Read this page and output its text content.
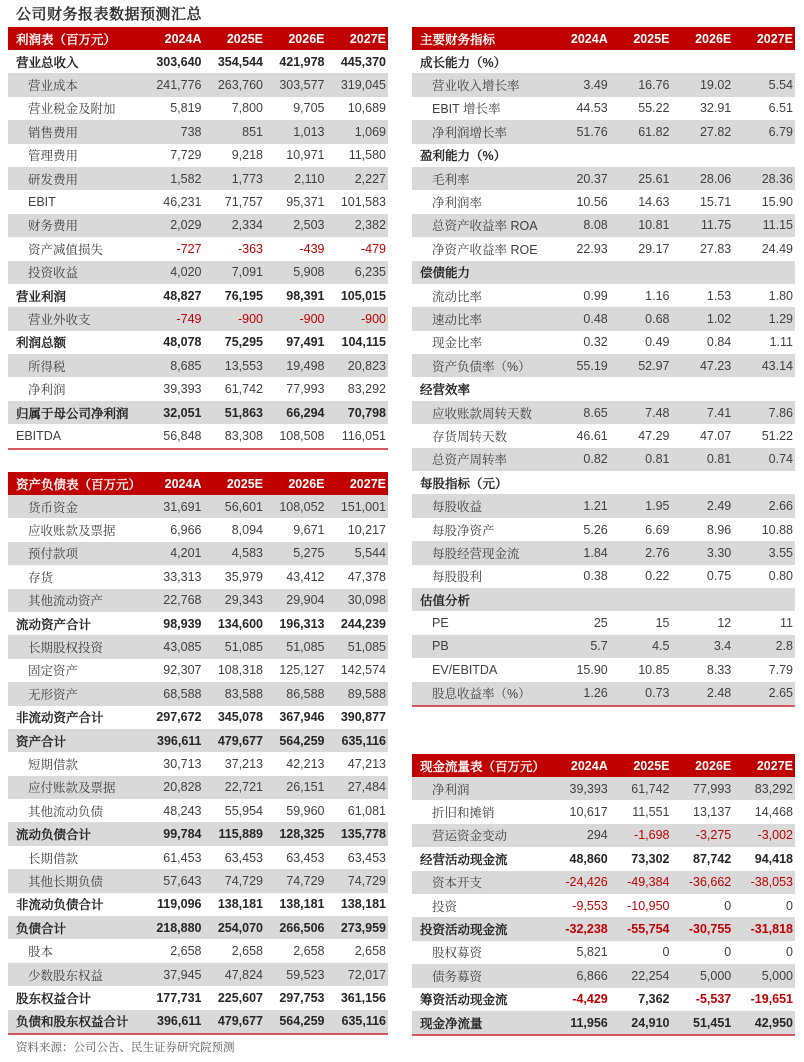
公司财务报表数据预测汇总
利润表（百万元）	2024A	2025E	2026E	2027E
营业总收入	303,640	354,544	421,978	445,370
营业成本	241,776	263,760	303,577	319,045
营业税金及附加	5,819	7,800	9,705	10,689
销售费用	738	851	1,013	1,069
管理费用	7,729	9,218	10,971	11,580
研发费用	1,582	1,773	2,110	2,227
EBIT	46,231	71,757	95,371	101,583
财务费用	2,029	2,334	2,503	2,382
资产减值损失	-727	-363	-439	-479
投资收益	4,020	7,091	5,908	6,235
营业利润	48,827	76,195	98,391	105,015
营业外收支	-749	-900	-900	-900
利润总额	48,078	75,295	97,491	104,115
所得税	8,685	13,553	19,498	20,823
净利润	39,393	61,742	77,993	83,292
归属于母公司净利润	32,051	51,863	66,294	70,798
EBITDA	56,848	83,308	108,508	116,051
资产负债表（百万元）	2024A	2025E	2026E	2027E
货币资金	31,691	56,601	108,052	151,001
应收账款及票据	6,966	8,094	9,671	10,217
预付款项	4,201	4,583	5,275	5,544
存货	33,313	35,979	43,412	47,378
其他流动资产	22,768	29,343	29,904	30,098
流动资产合计	98,939	134,600	196,313	244,239
长期股权投资	43,085	51,085	51,085	51,085
固定资产	92,307	108,318	125,127	142,574
无形资产	68,588	83,588	86,588	89,588
非流动资产合计	297,672	345,078	367,946	390,877
资产合计	396,611	479,677	564,259	635,116
短期借款	30,713	37,213	42,213	47,213
应付账款及票据	20,828	22,721	26,151	27,484
其他流动负债	48,243	55,954	59,960	61,081
流动负债合计	99,784	115,889	128,325	135,778
长期借款	61,453	63,453	63,453	63,453
其他长期负债	57,643	74,729	74,729	74,729
非流动负债合计	119,096	138,181	138,181	138,181
负债合计	218,880	254,070	266,506	273,959
股本	2,658	2,658	2,658	2,658
少数股东权益	37,945	47,824	59,523	72,017
股东权益合计	177,731	225,607	297,753	361,156
负债和股东权益合计	396,611	479,677	564,259	635,116
主要财务指标	2024A	2025E	2026E	2027E
成长能力（%）
营业收入增长率	3.49	16.76	19.02	5.54
EBIT 增长率	44.53	55.22	32.91	6.51
净利润增长率	51.76	61.82	27.82	6.79
盈利能力（%）
毛利率	20.37	25.61	28.06	28.36
净利润率	10.56	14.63	15.71	15.90
总资产收益率 ROA	8.08	10.81	11.75	11.15
净资产收益率 ROE	22.93	29.17	27.83	24.49
偿债能力
流动比率	0.99	1.16	1.53	1.80
速动比率	0.48	0.68	1.02	1.29
现金比率	0.32	0.49	0.84	1.11
资产负债率（%）	55.19	52.97	47.23	43.14
经营效率
应收账款周转天数	8.65	7.48	7.41	7.86
存货周转天数	46.61	47.29	47.07	51.22
总资产周转率	0.82	0.81	0.81	0.74
每股指标（元）
每股收益	1.21	1.95	2.49	2.66
每股净资产	5.26	6.69	8.96	10.88
每股经营现金流	1.84	2.76	3.30	3.55
每股股利	0.38	0.22	0.75	0.80
估值分析
PE	25	15	12	11
PB	5.7	4.5	3.4	2.8
EV/EBITDA	15.90	10.85	8.33	7.79
股息收益率（%）	1.26	0.73	2.48	2.65
现金流量表（百万元）	2024A	2025E	2026E	2027E
净利润	39,393	61,742	77,993	83,292
折旧和摊销	10,617	11,551	13,137	14,468
营运资金变动	294	-1,698	-3,275	-3,002
经营活动现金流	48,860	73,302	87,742	94,418
资本开支	-24,426	-49,384	-36,662	-38,053
投资	-9,553	-10,950	0	0
投资活动现金流	-32,238	-55,754	-30,755	-31,818
股权募资	5,821	0	0	0
债务募资	6,866	22,254	5,000	5,000
筹资活动现金流	-4,429	7,362	-5,537	-19,651
现金净流量	11,956	24,910	51,451	42,950
资料来源：公司公告、民生证券研究院预测
